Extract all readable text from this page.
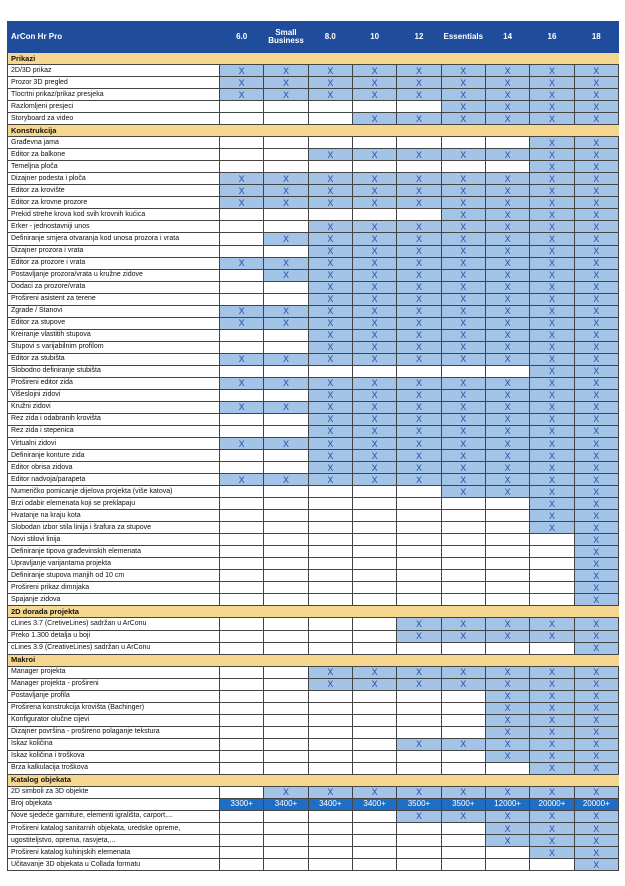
ArCon Hr Pro	6.0	Small Business	8.0	10	12	Essentials	14	16	18
Prikazi									
2D/3D prikaz	X	X	X	X	X	X	X	X	X
Prozor 3D pregled	X	X	X	X	X	X	X	X	X
Tlocrtni prikaz/prikaz presjeka	X	X	X	X	X	X	X	X	X
Razlomljeni presjeci						X	X	X	X
Storyboard za video				X	X	X	X	X	X
Konstrukcija									
Građevna jama								X	X
Editor za balkone			X	X	X	X	X	X	X
Temeljna ploča								X	X
Dizajner podesta i ploča	X	X	X	X	X	X	X	X	X
Editor za krovište	X	X	X	X	X	X	X	X	X
Editor za krovne prozore	X	X	X	X	X	X	X	X	X
Prekid strehe krova kod svih krovnih kućica						X	X	X	X
Erker - jednostavniji unos			X	X	X	X	X	X	X
Definiranje smjera otvaranja kod unosa prozora i vrata		X	X	X	X	X	X	X	X
Dizajner prozora i vrata			X	X	X	X	X	X	X
Editor za prozore i vrata	X	X	X	X	X	X	X	X	X
Postavljanje prozora/vrata u kružne zidove		X	X	X	X	X	X	X	X
Dodaci za prozore/vrata			X	X	X	X	X	X	X
Prošireni asistent za terene			X	X	X	X	X	X	X
Zgrade / Stanovi	X	X	X	X	X	X	X	X	X
Editor za stupove	X	X	X	X	X	X	X	X	X
Kreiranje vlastitih stupova			X	X	X	X	X	X	X
Stupovi s varijabilnim profilom			X	X	X	X	X	X	X
Editor za stubišta	X	X	X	X	X	X	X	X	X
Slobodno definiranje stubišta								X	X
Prošireni editor zida	X	X	X	X	X	X	X	X	X
Višeslojni zidovi			X	X	X	X	X	X	X
Kružni zidovi	X	X	X	X	X	X	X	X	X
Rez zida i odabranih krovišta			X	X	X	X	X	X	X
Rez zida i stepenica			X	X	X	X	X	X	X
Virtualni zidovi	X	X	X	X	X	X	X	X	X
Definiranje konture zida			X	X	X	X	X	X	X
Editor obrisa zidova			X	X	X	X	X	X	X
Editor nadvoja/parapeta	X	X	X	X	X	X	X	X	X
Numeričko pomicanje dijelova projekta (više katova)						X	X	X	X
Brzi odabir elemenata koji se preklapaju								X	X
Hvatanje na kraju kota								X	X
Slobodan izbor stila linija i šrafura za stupove								X	X
Novi stilovi linija									X
Definiranje tipova građevinskih elemenata									X
Upravljanje varijantama projekta									X
Definiranje stupova manjih od 10 cm									X
Prošireni prikaz dimnjaka									X
Spajanje zidova									X
2D dorada projekta									
cLines 3.7 (CretiveLines) sadržan u ArConu					X	X	X	X	X
Preko 1.300 detalja u boji					X	X	X	X	X
cLines 3.9 (CreativeLines) sadržan u ArConu									X
Makroi									
Manager projekta			X	X	X	X	X	X	X
Manager projekta - prošireni			X	X	X	X	X	X	X
Postavljanje profila							X	X	X
Proširena konstrukcija krovišta (Bachinger)							X	X	X
Konfigurator olučne cijevi							X	X	X
Dizajner površina - prošireno polaganje tekstura							X	X	X
Iskaz količina					X	X	X	X	X
Iskaz količina i troškova							X	X	X
Brza kalkulacija troškova								X	X
Katalog objekata									
2D simboli za 3D objekte		X	X	X	X	X	X	X	X
Broj objekata	3300+	3400+	3400+	3400+	3500+	3500+	12000+	20000+	20000+
Nove sjedeće garniture, elementi igrališta, carport,...					X	X	X	X	X
Prošireni katalog sanitarnih objekata, uredske opreme,							X	X	X
ugostiteljstvo, oprema, rasvjeta,...							X	X	X
Prošireni katalog kuhinjskih elemenata								X	X
Učitavanje 3D objekata u Collada formatu									X
